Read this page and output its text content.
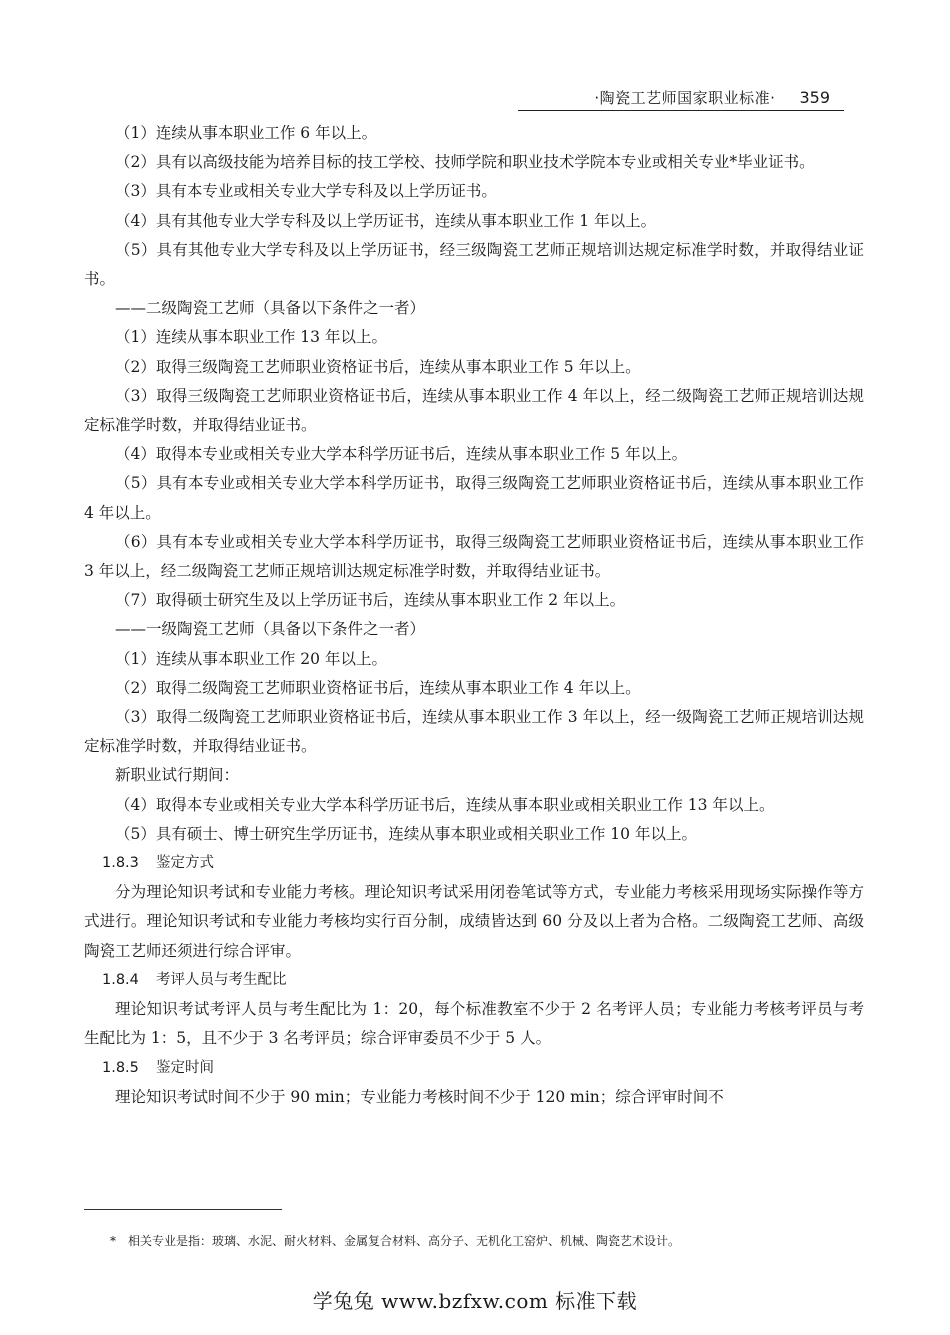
·陶瓷工艺师国家职业标准· 359

（1）连续从事本职业工作 6 年以上。

（2）具有以高级技能为培养目标的技工学校、技师学院和职业技术学院本专业或相关专业*毕业证书。

（3）具有本专业或相关专业大学专科及以上学历证书。

（4）具有其他专业大学专科及以上学历证书，连续从事本职业工作 1 年以上。

（5）具有其他专业大学专科及以上学历证书，经三级陶瓷工艺师正规培训达规定标准学时数，并取得结业证书。

——二级陶瓷工艺师（具备以下条件之一者）

（1）连续从事本职业工作 13 年以上。

（2）取得三级陶瓷工艺师职业资格证书后，连续从事本职业工作 5 年以上。

（3）取得三级陶瓷工艺师职业资格证书后，连续从事本职业工作 4 年以上，经二级陶瓷工艺师正规培训达规定标准学时数，并取得结业证书。

（4）取得本专业或相关专业大学本科学历证书后，连续从事本职业工作 5 年以上。

（5）具有本专业或相关专业大学本科学历证书，取得三级陶瓷工艺师职业资格证书后，连续从事本职业工作 4 年以上。

（6）具有本专业或相关专业大学本科学历证书，取得三级陶瓷工艺师职业资格证书后，连续从事本职业工作 3 年以上，经二级陶瓷工艺师正规培训达规定标准学时数，并取得结业证书。

（7）取得硕士研究生及以上学历证书后，连续从事本职业工作 2 年以上。

——一级陶瓷工艺师（具备以下条件之一者）

（1）连续从事本职业工作 20 年以上。

（2）取得二级陶瓷工艺师职业资格证书后，连续从事本职业工作 4 年以上。

（3）取得二级陶瓷工艺师职业资格证书后，连续从事本职业工作 3 年以上，经一级陶瓷工艺师正规培训达规定标准学时数，并取得结业证书。

新职业试行期间：

（4）取得本专业或相关专业大学本科学历证书后，连续从事本职业或相关职业工作 13 年以上。

（5）具有硕士、博士研究生学历证书，连续从事本职业或相关职业工作 10 年以上。

1.8.3 鉴定方式

分为理论知识考试和专业能力考核。理论知识考试采用闭卷笔试等方式，专业能力考核采用现场实际操作等方式进行。理论知识考试和专业能力考核均实行百分制，成绩皆达到 60 分及以上者为合格。二级陶瓷工艺师、高级陶瓷工艺师还须进行综合评审。

1.8.4 考评人员与考生配比

理论知识考试考评人员与考生配比为 1：20，每个标准教室不少于 2 名考评人员；专业能力考核考评员与考生配比为 1：5，且不少于 3 名考评员；综合评审委员不少于 5 人。

1.8.5 鉴定时间

理论知识考试时间不少于 90 min；专业能力考核时间不少于 120 min；综合评审时间不

*　相关专业是指：玻璃、水泥、耐火材料、金属复合材料、高分子、无机化工窑炉、机械、陶瓷艺术设计。
学兔兔 www.bzfxw.com 标准下载
